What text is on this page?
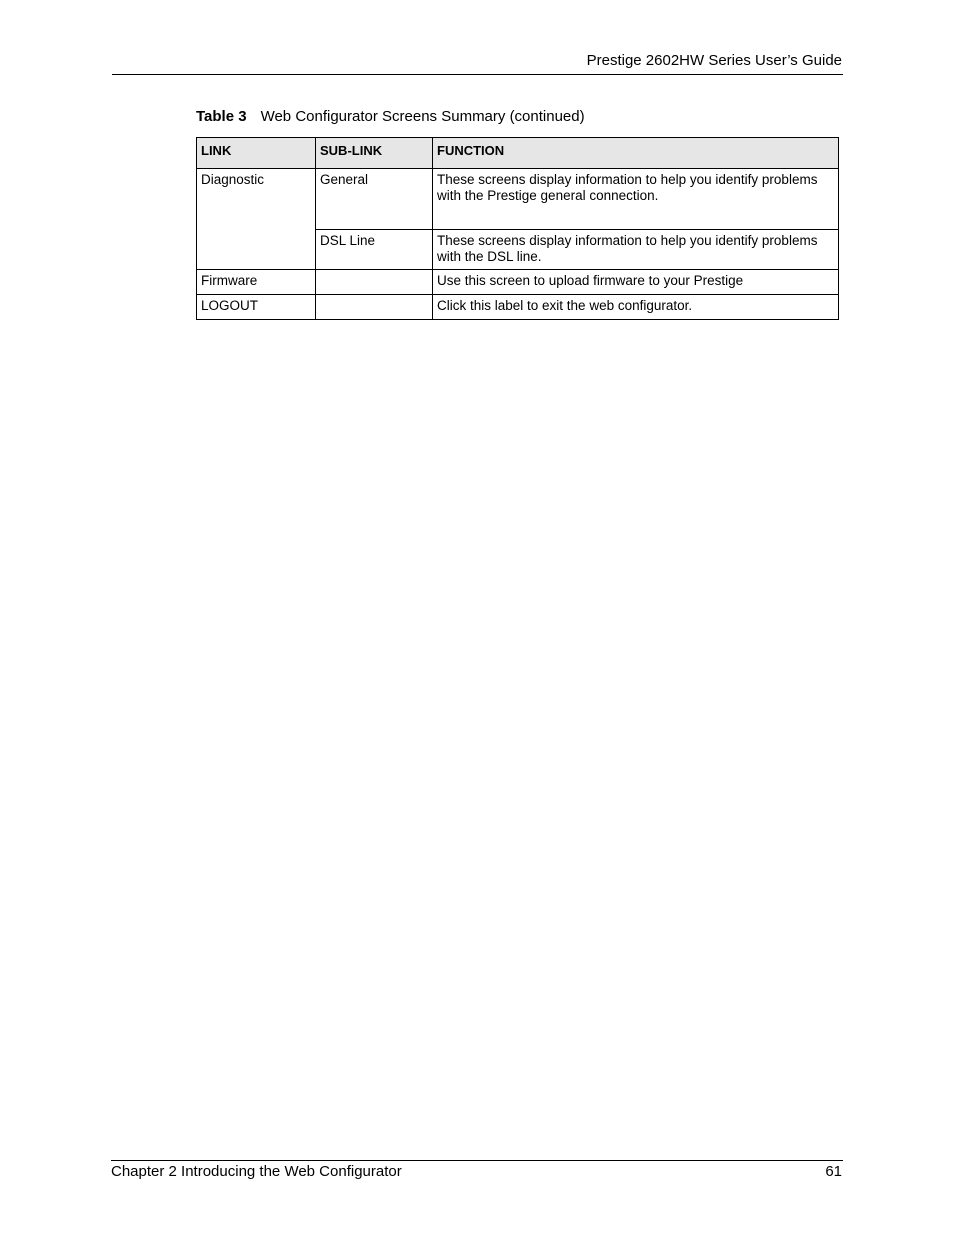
Prestige 2602HW Series User’s Guide
Table 3 Web Configurator Screens Summary (continued)
LINK	SUB-LINK	FUNCTION
Diagnostic	General	These screens display information to help you identify problems with the Prestige general connection.
	DSL Line	These screens display information to help you identify problems with the DSL line.
Firmware		Use this screen to upload firmware to your Prestige
LOGOUT		Click this label to exit the web configurator.
Chapter 2 Introducing the Web Configurator	61
